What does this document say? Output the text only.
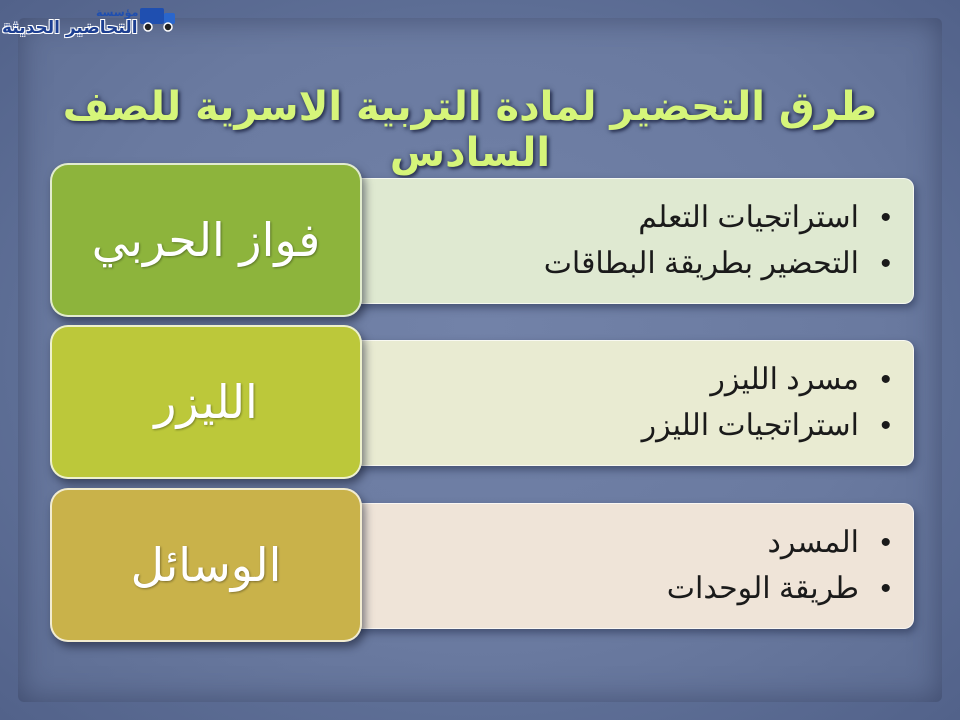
مؤسسة
التحاضير الحديثة
طرق التحضير لمادة التربية الاسرية للصف السادس
•استراتجيات التعلم
•التحضير بطريقة البطاقات
فواز الحربي
•مسرد الليزر
•استراتجيات الليزر
الليزر
•المسرد
•طريقة الوحدات
الوسائل
